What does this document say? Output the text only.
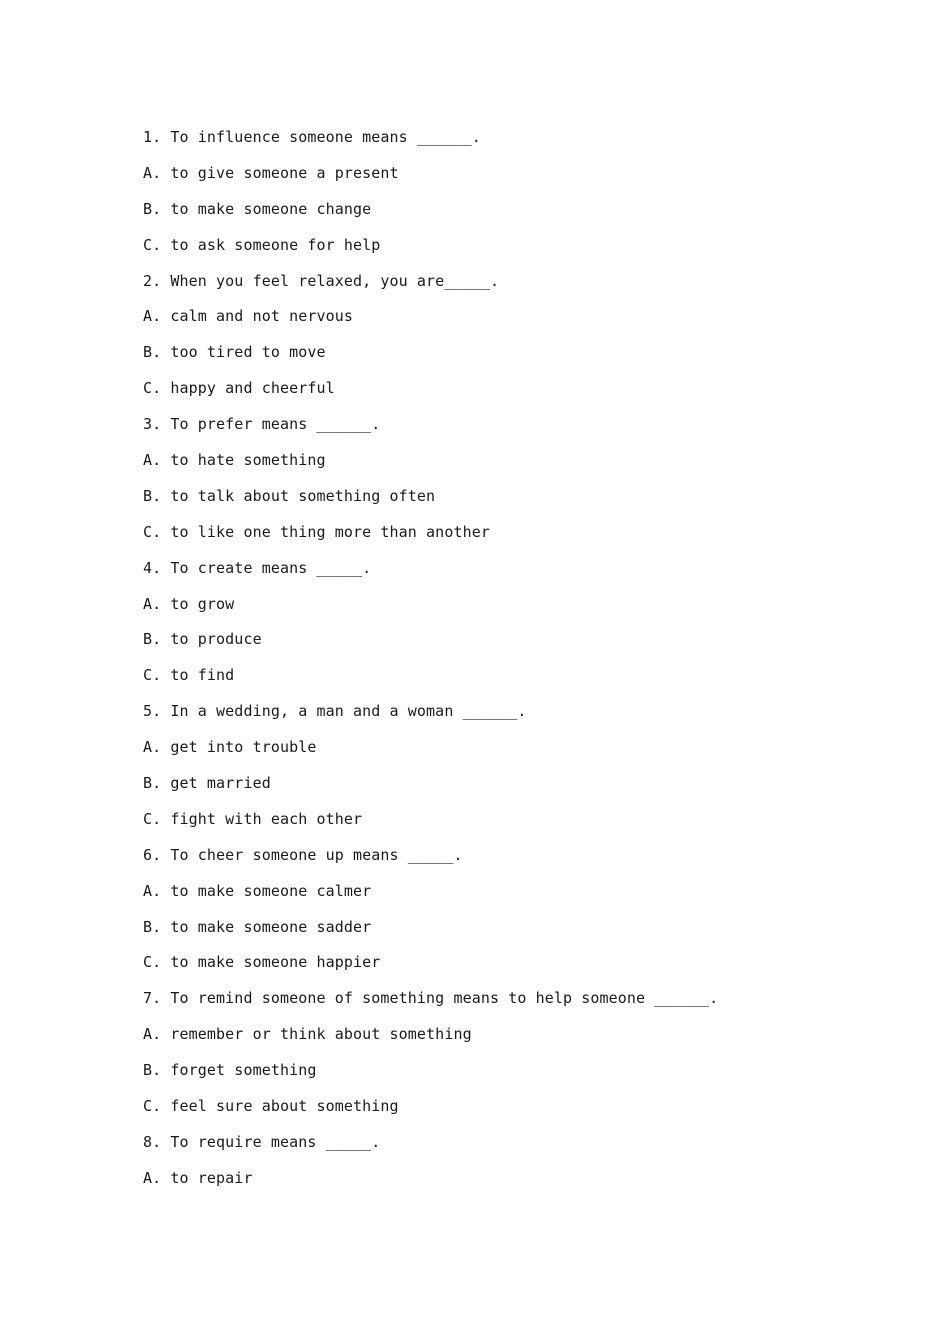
1. To influence someone means ______.
A. to give someone a present
B. to make someone change
C. to ask someone for help
2. When you feel relaxed, you are_____.
A. calm and not nervous
B. too tired to move
C. happy and cheerful
3. To prefer means ______.
A. to hate something
B. to talk about something often
C. to like one thing more than another
4. To create means _____.
A. to grow
B. to produce
C. to find
5. In a wedding, a man and a woman ______.
A. get into trouble
B. get married
C. fight with each other
6. To cheer someone up means _____.
A. to make someone calmer
B. to make someone sadder
C. to make someone happier
7. To remind someone of something means to help someone ______.
A. remember or think about something
B. forget something
C. feel sure about something
8. To require means _____.
A. to repair
